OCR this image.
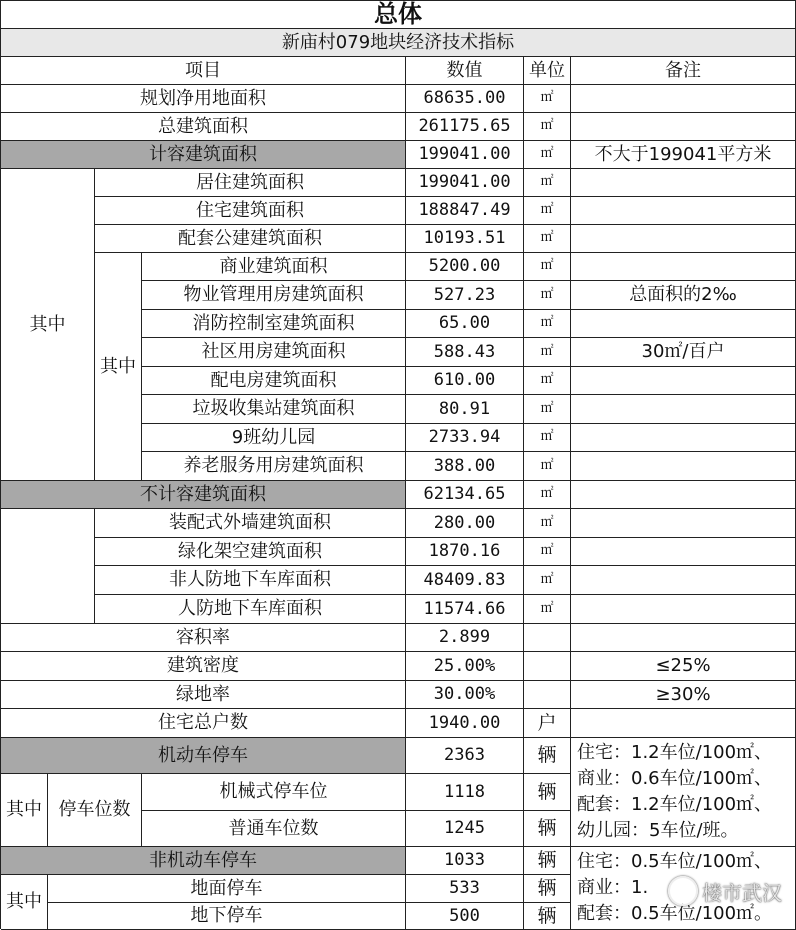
总体
新庙村079地块经济技术指标
项目	数值	单位	备注
规划净用地面积	68635.00	㎡
总建筑面积	261175.65	㎡
计容建筑面积	199041.00	㎡	不大于199041平方米
其中
居住建筑面积	199041.00	㎡
住宅建筑面积	188847.49	㎡
配套公建建筑面积	10193.51	㎡
其中
商业建筑面积	5200.00	㎡
物业管理用房建筑面积	527.23	㎡	总面积的2‰
消防控制室建筑面积	65.00	㎡
社区用房建筑面积	588.43	㎡	30㎡/百户
配电房建筑面积	610.00	㎡
垃圾收集站建筑面积	80.91	㎡
9班幼儿园	2733.94	㎡
养老服务用房建筑面积	388.00	㎡
不计容建筑面积	62134.65	㎡
装配式外墙建筑面积	280.00	㎡
绿化架空建筑面积	1870.16	㎡
非人防地下车库面积	48409.83	㎡
人防地下车库面积	11574.66	㎡
容积率	2.899
建筑密度	25.00%	≤25%
绿地率	30.00%	≥30%
住宅总户数	1940.00	户
机动车停车	2363	辆	住宅：1.2车位/100㎡、
商业：0.6车位/100㎡、
配套：1.2车位/100㎡、
幼儿园：5车位/班。
其中 停车位数
机械式停车位	1118	辆
普通车位数	1245	辆
非机动车停车	1033	辆	住宅：0.5车位/100㎡、
商业：1.
配套：0.5车位/100㎡。
其中
地面停车	533	辆
地下停车	500	辆
楼市武汉
